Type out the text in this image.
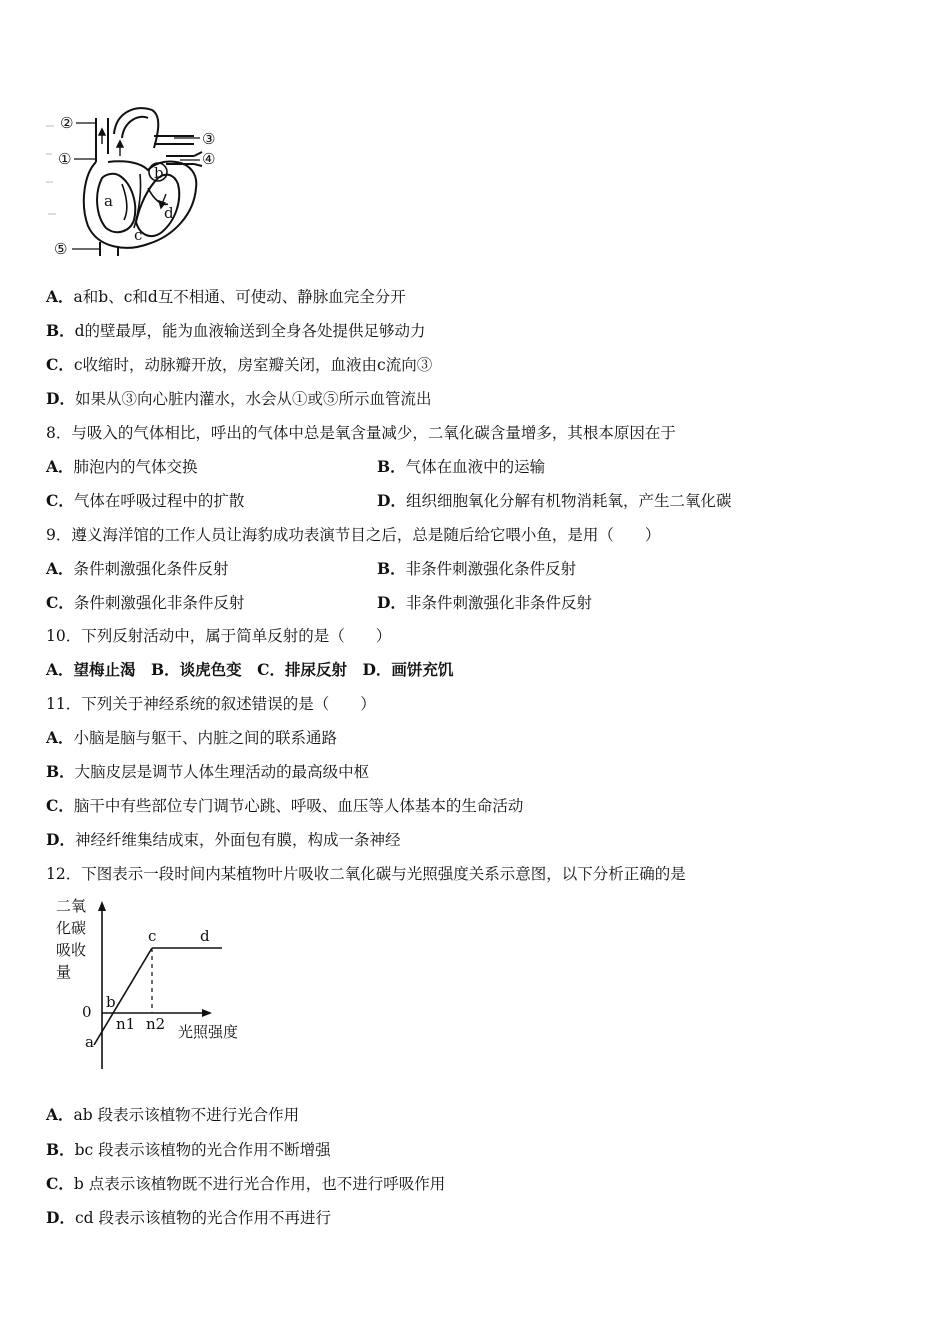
②
①
③
④
⑤
a
b
c
d
A．a和b、c和d互不相通、可使动、静脉血完全分开
B．d的壁最厚，能为血液输送到全身各处提供足够动力
C．c收缩时，动脉瓣开放，房室瓣关闭，血液由c流向③
D．如果从③向心脏内灌水，水会从①或⑤所示血管流出
8．与吸入的气体相比，呼出的气体中总是氧含量减少，二氧化碳含量增多，其根本原因在于
A．肺泡内的气体交换	B．气体在血液中的运输
C．气体在呼吸过程中的扩散	D．组织细胞氧化分解有机物消耗氧，产生二氧化碳
9．遵义海洋馆的工作人员让海豹成功表演节目之后，总是随后给它喂小鱼，是用（　　）
A．条件刺激强化条件反射	B．非条件刺激强化条件反射
C．条件刺激强化非条件反射	D．非条件刺激强化非条件反射
10．下列反射活动中，属于简单反射的是（　　）
A．望梅止渴　B．谈虎色变　C．排尿反射　D．画饼充饥
11．下列关于神经系统的叙述错误的是（　　）
A．小脑是脑与躯干、内脏之间的联系通路
B．大脑皮层是调节人体生理活动的最高级中枢
C．脑干中有些部位专门调节心跳、呼吸、血压等人体基本的生命活动
D．神经纤维集结成束，外面包有膜，构成一条神经
12．下图表示一段时间内某植物叶片吸收二氧化碳与光照强度关系示意图，以下分析正确的是
二氧
化碳
吸收
量
光照强度
0
a
b
c	d
n1 n2
A．ab 段表示该植物不进行光合作用
B．bc 段表示该植物的光合作用不断增强
C．b 点表示该植物既不进行光合作用，也不进行呼吸作用
D．cd 段表示该植物的光合作用不再进行
